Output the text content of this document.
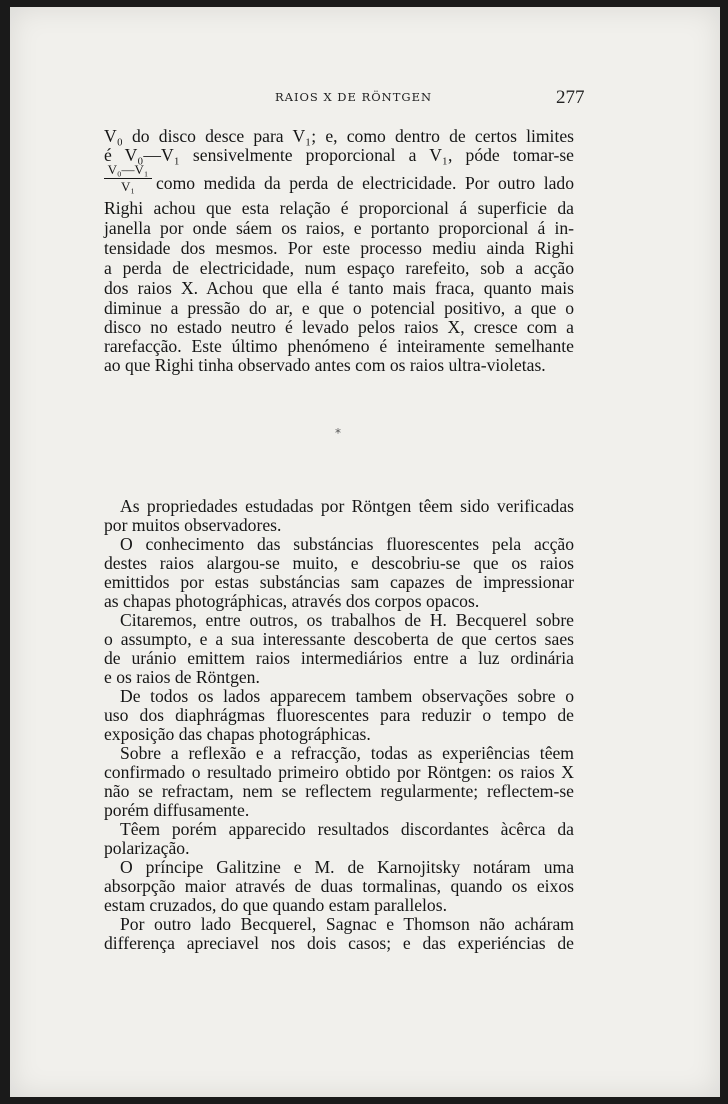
RAIOS X DE RÖNTGEN	277
V₀ do disco desce para V₁; e, como dentro de certos limites
é V₀—V₁ sensivelmente proporcional a V₁, póde tomar-se
$\frac{\text{V₀—V₁}}{\text{V₁}}$ como medida da perda de electricidade. Por outro lado
Righi achou que esta relação é proporcional á superficie da
janella por onde sáem os raios, e portanto proporcional á in-
tensidade dos mesmos. Por este processo mediu ainda Righi
a perda de electricidade, num espaço rarefeito, sob a acção
dos raios X. Achou que ella é tanto mais fraca, quanto mais
diminue a pressão do ar, e que o potencial positivo, a que o
disco no estado neutro é levado pelos raios X, cresce com a
rarefacção. Este último phenómeno é inteiramente semelhante
ao que Righi tinha observado antes com os raios ultra-violetas.
*
As propriedades estudadas por Röntgen têem sido verificadas
por muitos observadores.
O conhecimento das substáncias fluorescentes pela acção
destes raios alargou-se muito, e descobriu-se que os raios
emittidos por estas substáncias sam capazes de impressionar
as chapas photográphicas, através dos corpos opacos.
Citaremos, entre outros, os trabalhos de H. Becquerel sobre
o assumpto, e a sua interessante descoberta de que certos saes
de uránio emittem raios intermediários entre a luz ordinária
e os raios de Röntgen.
De todos os lados apparecem tambem observações sobre o
uso dos diaphrágmas fluorescentes para reduzir o tempo de
exposição das chapas photográphicas.
Sobre a reflexão e a refracção, todas as experiências têem
confirmado o resultado primeiro obtido por Röntgen: os raios X
não se refractam, nem se reflectem regularmente; reflectem-se
porém diffusamente.
Têem porém apparecido resultados discordantes àcêrca da
polarização.
O príncipe Galitzine e M. de Karnojitsky notáram uma
absorpção maior através de duas tormalinas, quando os eixos
estam cruzados, do que quando estam parallelos.
Por outro lado Becquerel, Sagnac e Thomson não acháram
differença apreciavel nos dois casos; e das experiéncias de
